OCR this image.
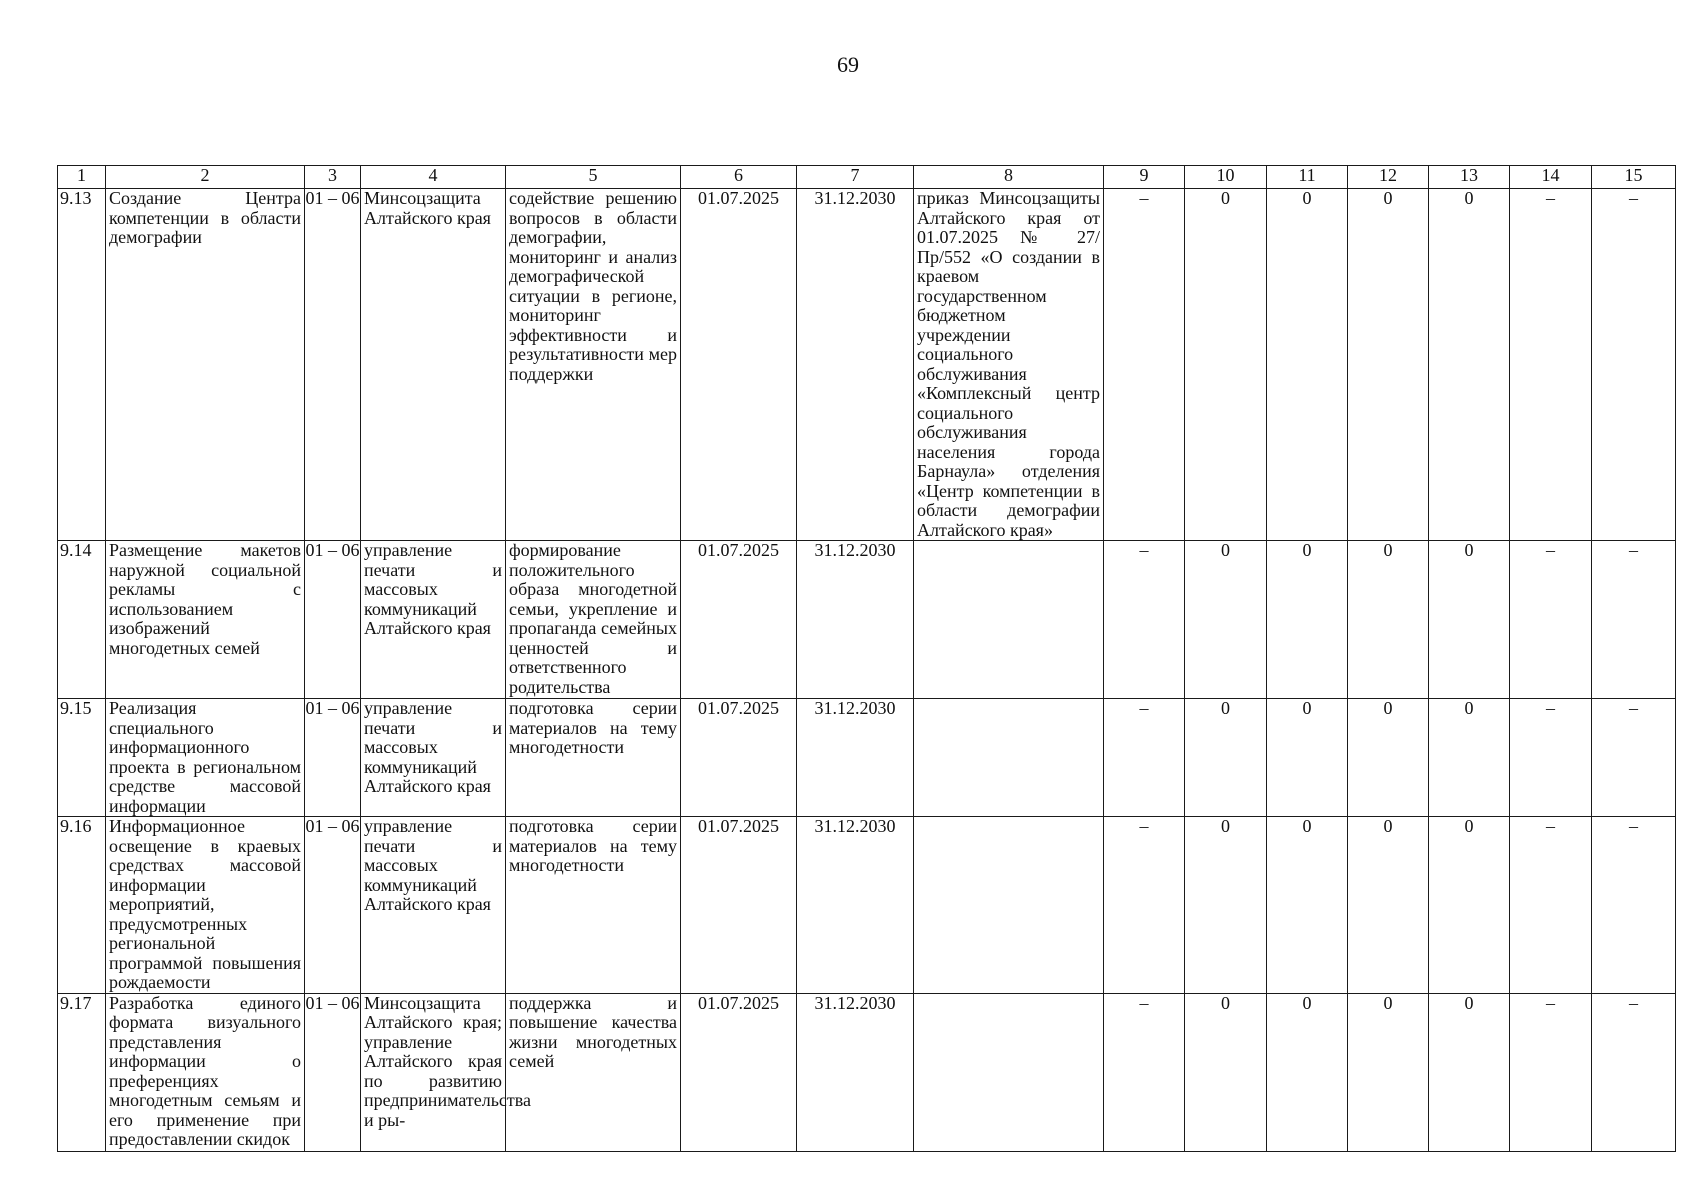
69
1	2	3	4	5	6	7	8	9	10	11	12	13	14	15
9.13	Создание Центра компетенции в области демографии	01 – 06	Минсоцзащита Алтайского края	содействие решению вопросов в области демографии, мониторинг и анализ демографической ситуации в регионе, мониторинг эффективности и результативности мер поддержки	01.07.2025	31.12.2030	приказ Минсоцзащиты Алтайского края от 01.07.2025 № 27/Пр/552 «О создании в краевом государственном бюджетном учреждении социального обслуживания «Комплексный центр социального обслуживания населения города Барнаула» отделения «Центр компетенции в области демографии Алтайского края»	–	0	0	0	0	–	–
9.14	Размещение макетов наружной социальной рекламы с использованием изображений многодетных семей	01 – 06	управление печати и массовых коммуникаций Алтайского края	формирование положительного образа многодетной семьи, укрепление и пропаганда семейных ценностей и ответственного родительства	01.07.2025	31.12.2030		–	0	0	0	0	–	–
9.15	Реализация специального информационного проекта в региональном средстве массовой информации	01 – 06	управление печати и массовых коммуникаций Алтайского края	подготовка серии материалов на тему многодетности	01.07.2025	31.12.2030		–	0	0	0	0	–	–
9.16	Информационное освещение в краевых средствах массовой информации мероприятий, предусмотренных региональной программой повышения рождаемости	01 – 06	управление печати и массовых коммуникаций Алтайского края	подготовка серии материалов на тему многодетности	01.07.2025	31.12.2030		–	0	0	0	0	–	–
9.17	Разработка единого формата визуального представления информации о преференциях многодетным семьям и его применение при предоставлении скидок	01 – 06	Минсоцзащита Алтайского края; управление Алтайского края по развитию предпринимательства и ры-	поддержка и повышение качества жизни многодетных семей	01.07.2025	31.12.2030		–	0	0	0	0	–	–
